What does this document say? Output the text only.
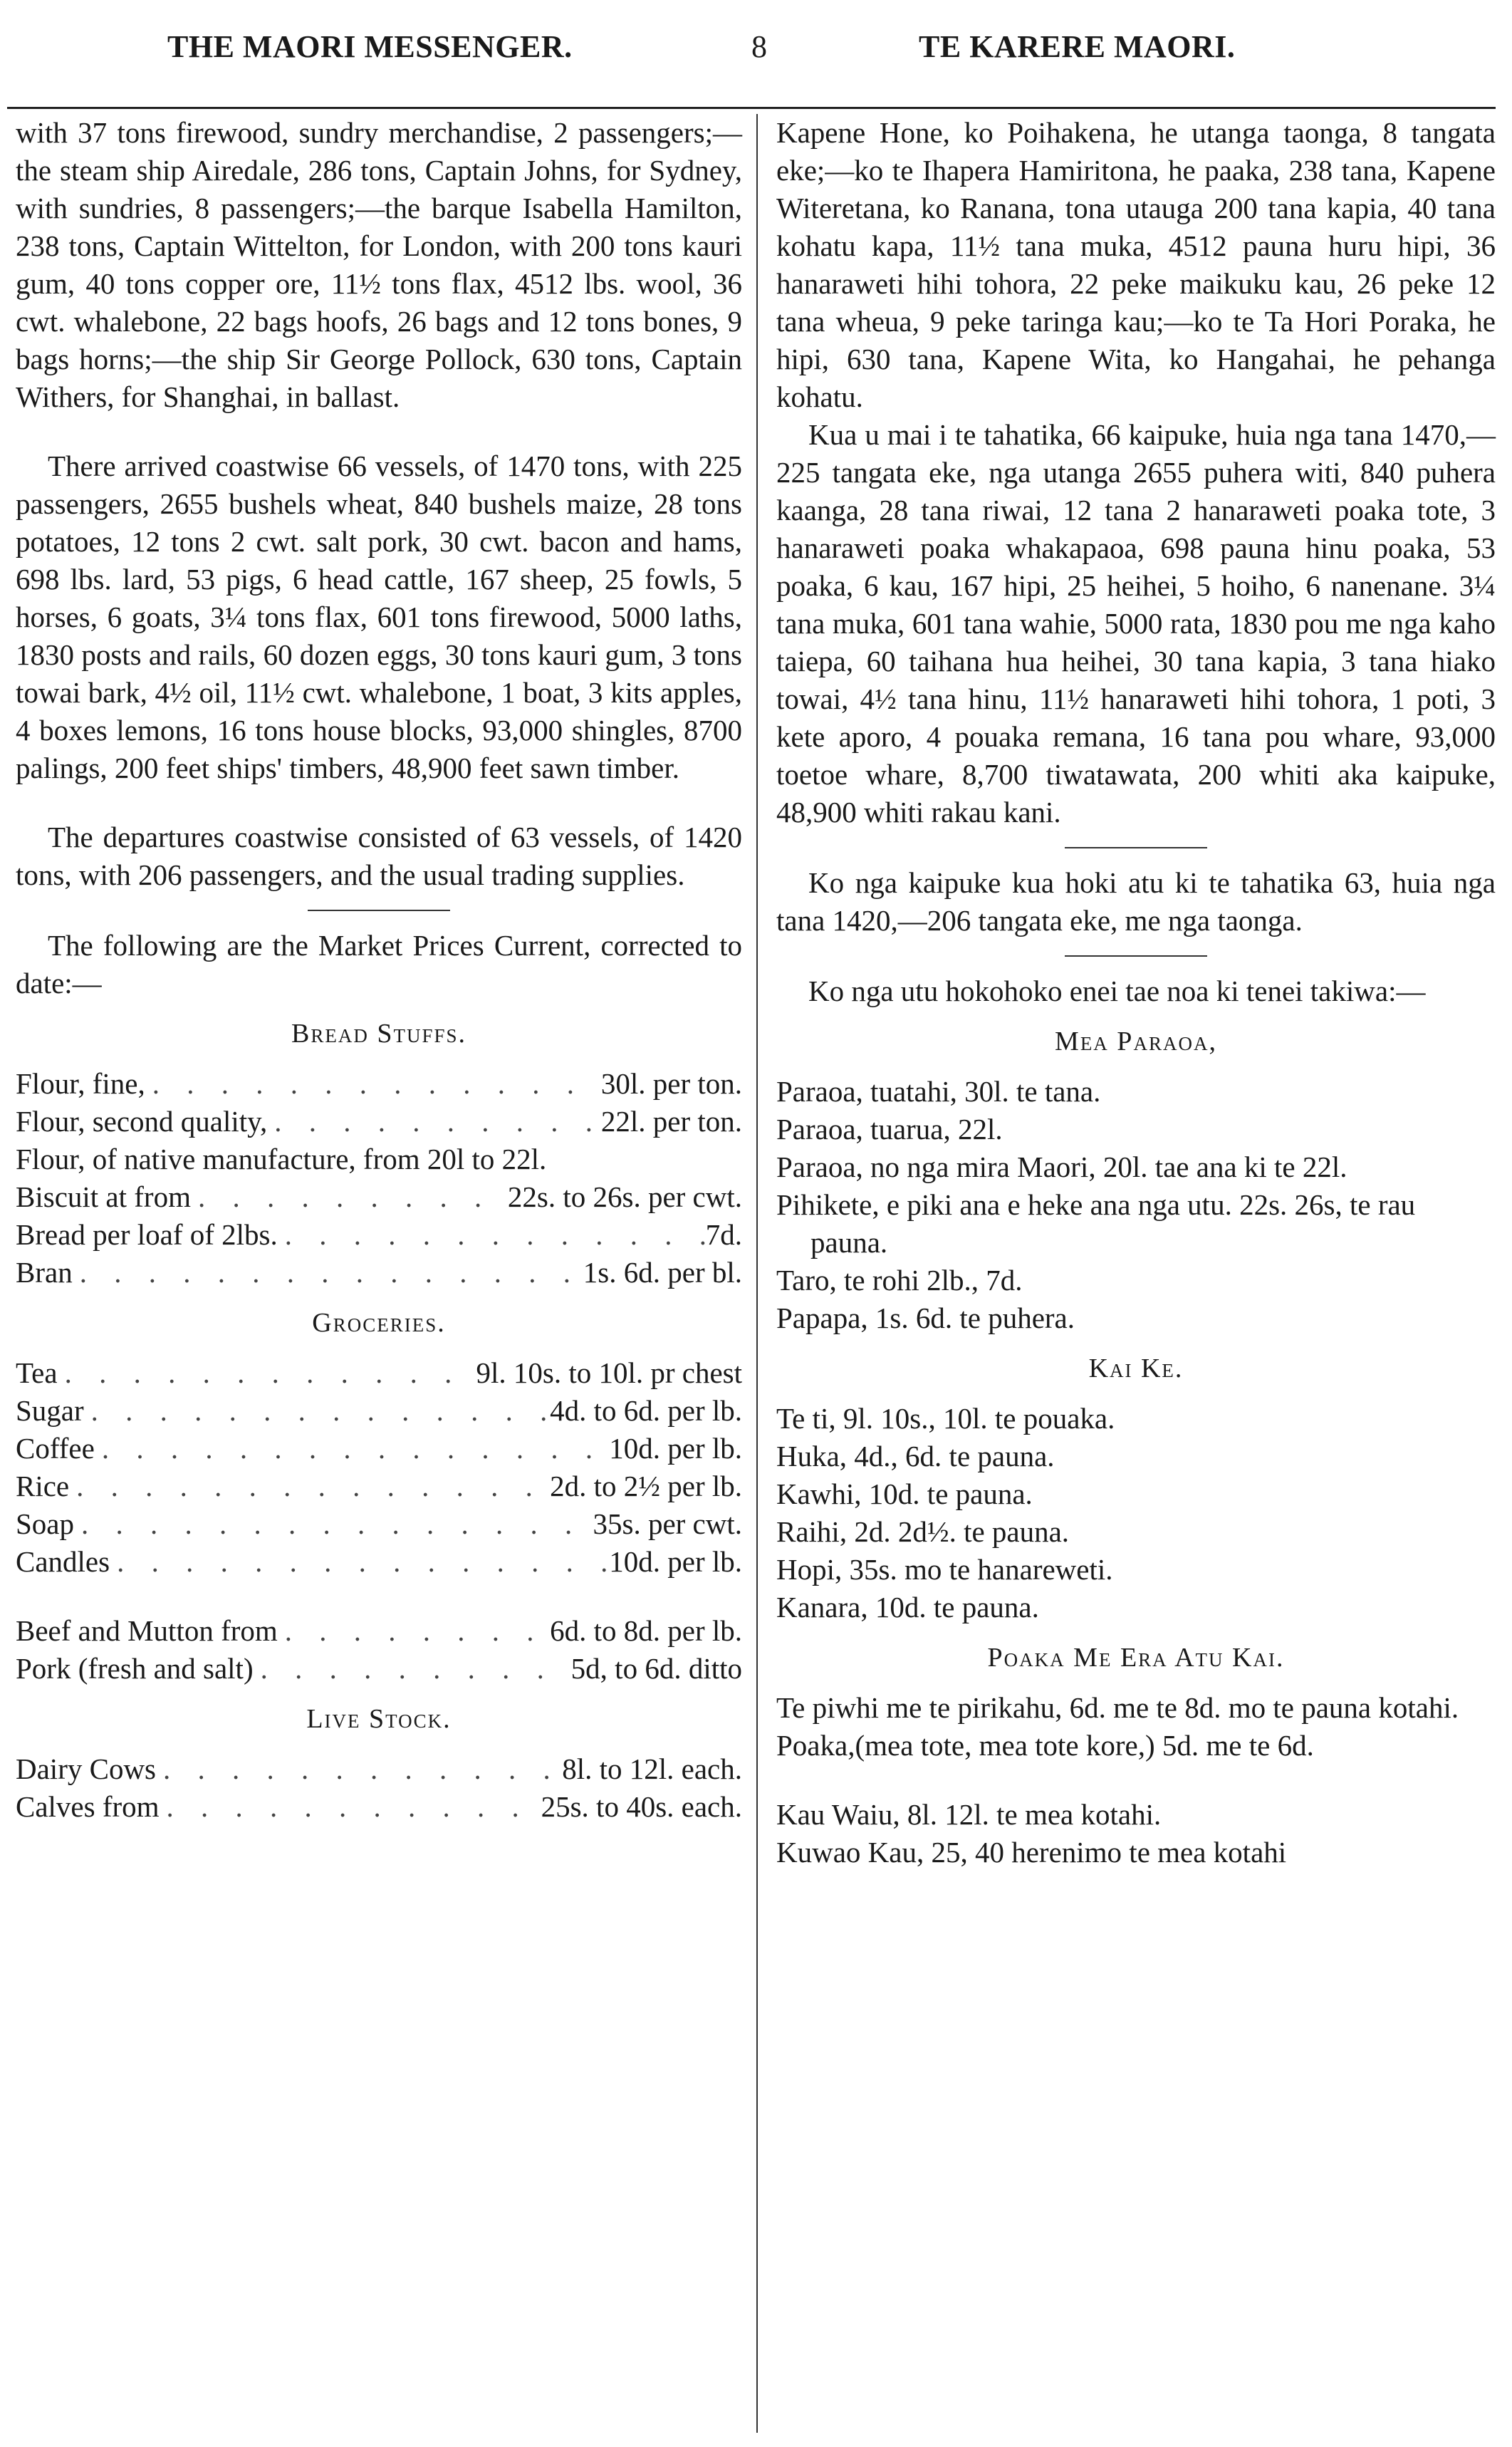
THE MAORI MESSENGER.	8	TE KARERE MAORI.

with 37 tons firewood, sundry merchandise, 2 passengers;—the steam ship Airedale, 286 tons, Captain Johns, for Sydney, with sundries, 8 passengers;—the barque Isabella Hamilton, 238 tons, Captain Wittelton, for London, with 200 tons kauri gum, 40 tons copper ore, 11½ tons flax, 4512 lbs. wool, 36 cwt. whalebone, 22 bags hoofs, 26 bags and 12 tons bones, 9 bags horns;—the ship Sir George Pollock, 630 tons, Captain Withers, for Shanghai, in ballast.

There arrived coastwise 66 vessels, of 1470 tons, with 225 passengers, 2655 bushels wheat, 840 bushels maize, 28 tons potatoes, 12 tons 2 cwt. salt pork, 30 cwt. bacon and hams, 698 lbs. lard, 53 pigs, 6 head cattle, 167 sheep, 25 fowls, 5 horses, 6 goats, 3¼ tons flax, 601 tons firewood, 5000 laths, 1830 posts and rails, 60 dozen eggs, 30 tons kauri gum, 3 tons towai bark, 4½ oil, 11½ cwt. whalebone, 1 boat, 3 kits apples, 4 boxes lemons, 16 tons house blocks, 93,000 shingles, 8700 palings, 200 feet ships' timbers, 48,900 feet sawn timber.

The departures coastwise consisted of 63 vessels, of 1420 tons, with 206 passengers, and the usual trading supplies.

The following are the Market Prices Current, corrected to date:—

Bread Stuffs.
Flour, fine, . . .	30l. per ton.
Flour, second quality, . . .	22l. per ton.
Flour, of native manufacture, from 20l to 22l.
Biscuit at from . . .	22s. to 26s. per cwt.
Bread per loaf of 2lbs. . . .	7d.
Bran . . .	1s. 6d. per bl.
Groceries.
Tea . . .	9l. 10s. to 10l. pr chest
Sugar . . .	4d. to 6d. per lb.
Coffee . . .	10d. per lb.
Rice . . .	2d. to 2½ per lb.
Soap . . .	35s. per cwt.
Candles . . .	10d. per lb.
Beef and Mutton from . . .	6d. to 8d. per lb.
Pork (fresh and salt) . . .	5d, to 6d. ditto
Live Stock.
Dairy Cows . . .	8l. to 12l. each.
Calves from . . .	25s. to 40s. each.

Kapene Hone, ko Poihakena, he utanga taonga, 8 tangata eke;—ko te Ihapera Hamiritona, he paaka, 238 tana, Kapene Witeretana, ko Ranana, tona utauga 200 tana kapia, 40 tana kohatu kapa, 11½ tana muka, 4512 pauna huru hipi, 36 hanaraweti hihi tohora, 22 peke maikuku kau, 26 peke 12 tana wheua, 9 peke taringa kau;—ko te Ta Hori Poraka, he hipi, 630 tana, Kapene Wita, ko Hangahai, he pehanga kohatu.

Kua u mai i te tahatika, 66 kaipuke, huia nga tana 1470,—225 tangata eke, nga utanga 2655 puhera witi, 840 puhera kaanga, 28 tana riwai, 12 tana 2 hanaraweti poaka tote, 3 hanaraweti poaka whakapaoa, 698 pauna hinu poaka, 53 poaka, 6 kau, 167 hipi, 25 heihei, 5 hoiho, 6 nanenane. 3¼ tana muka, 601 tana wahie, 5000 rata, 1830 pou me nga kaho taiepa, 60 taihana hua heihei, 30 tana kapia, 3 tana hiako towai, 4½ tana hinu, 11½ hanaraweti hihi tohora, 1 poti, 3 kete aporo, 4 pouaka remana, 16 tana pou whare, 93,000 toetoe whare, 8,700 tiwatawata, 200 whiti aka kaipuke, 48,900 whiti rakau kani.

Ko nga kaipuke kua hoki atu ki te tahatika 63, huia nga tana 1420,—206 tangata eke, me nga taonga.

Ko nga utu hokohoko enei tae noa ki tenei takiwa:—

Mea Paraoa,

Paraoa, tuatahi, 30l. te tana.

Paraoa, tuarua, 22l.

Paraoa, no nga mira Maori, 20l. tae ana ki te 22l.

Pihikete, e piki ana e heke ana nga utu. 22s. 26s, te rau pauna.

Taro, te rohi 2lb., 7d.

Papapa, 1s. 6d. te puhera.

Kai Ke.

Te ti, 9l. 10s., 10l. te pouaka.

Huka, 4d., 6d. te pauna.

Kawhi, 10d. te pauna.

Raihi, 2d. 2d½. te pauna.

Hopi, 35s. mo te hanareweti.

Kanara, 10d. te pauna.

Poaka Me Era Atu Kai.

Te piwhi me te pirikahu, 6d. me te 8d. mo te pauna kotahi.

Poaka,(mea tote, mea tote kore,) 5d. me te 6d.

Kau Waiu, 8l. 12l. te mea kotahi.

Kuwao Kau, 25, 40 herenimo te mea kotahi
